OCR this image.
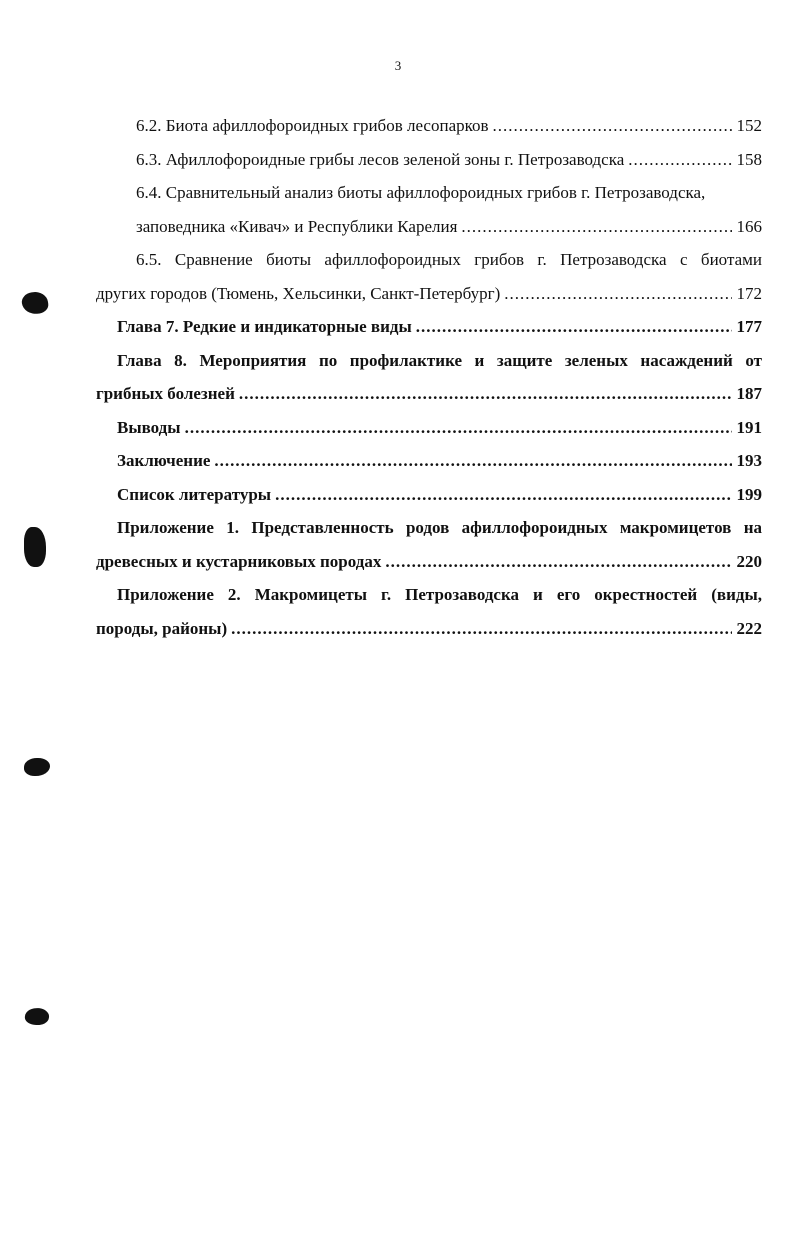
3
6.2. Биота афиллофороидных грибов лесопарков .....	152
6.3. Афиллофороидные грибы лесов зеленой зоны г. Петрозаводска .....	158
6.4. Сравнительный анализ биоты афиллофороидных грибов г. Петрозаводска,
заповедника «Кивач» и Республики Карелия .....	166
6.5. Сравнение биоты афиллофороидных грибов г. Петрозаводска с биотами
других городов (Тюмень, Хельсинки, Санкт-Петербург) .....	172
Глава 7. Редкие и индикаторные виды .....	177
Глава 8. Мероприятия по профилактике и защите зеленых насаждений от
грибных болезней .....	187
Выводы .....	191
Заключение .....	193
Список литературы .....	199
Приложение 1. Представленность родов афиллофороидных макромицетов на
древесных и кустарниковых породах .....	220
Приложение 2. Макромицеты г. Петрозаводска и его окрестностей (виды,
породы, районы) .....	222
